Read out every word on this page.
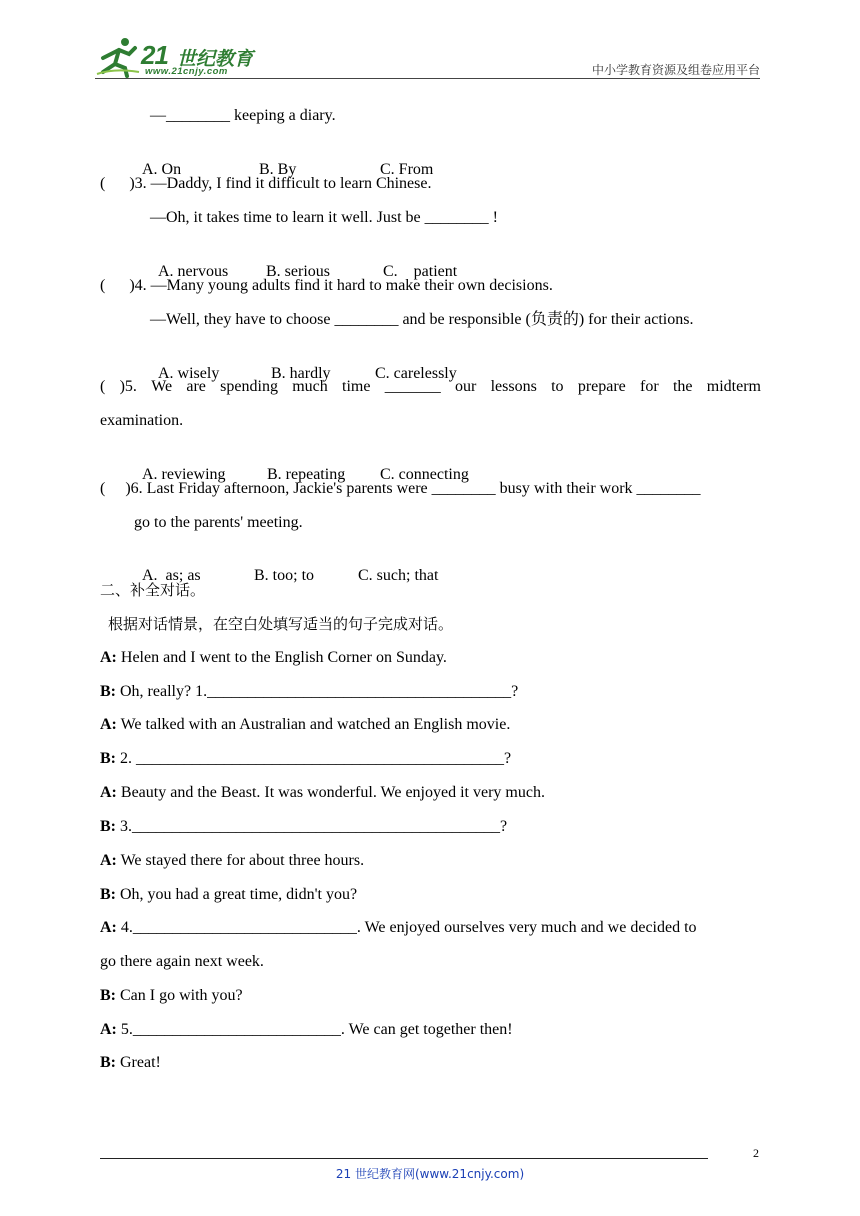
21 世纪教育
www.21cnjy.com	中小学教育资源及组卷应用平台
—________ keeping a diary.

A. On	B. By	C. From

(      )3. —Daddy, I find it difficult to learn Chinese.
—Oh, it takes time to learn it well. Just be ________ !

A. nervous B. serious	C.    patient

(      )4. —Many young adults find it hard to make their own decisions.
—Well, they have to choose ________ and be responsible (负责的) for their actions.

A. wisely	B. hardly	C. carelessly

( )5. We are spending much time _______ our lessons to prepare for the midterm
examination.

A. reviewing	B. repeating C. connecting

(     )6. Last Friday afternoon, Jackie's parents were ________ busy with their work ________
go to the parents' meeting.

A.  as; as	B. too; to	C. such; that

二、补全对话。
根据对话情景，在空白处填写适当的句子完成对话。
A: Helen and I went to the English Corner on Sunday.
B: Oh, really? 1.______________________________________?
A: We talked with an Australian and watched an English movie.
B: 2. ______________________________________________?
A: Beauty and the Beast. It was wonderful. We enjoyed it very much.
B: 3.______________________________________________?
A: We stayed there for about three hours.
B: Oh, you had a great time, didn't you?
A: 4.____________________________. We enjoyed ourselves very much and we decided to
go there again next week.
B: Can I go with you?
A: 5.__________________________. We can get together then!
B: Great!
2
21 世纪教育网(www.21cnjy.com)
